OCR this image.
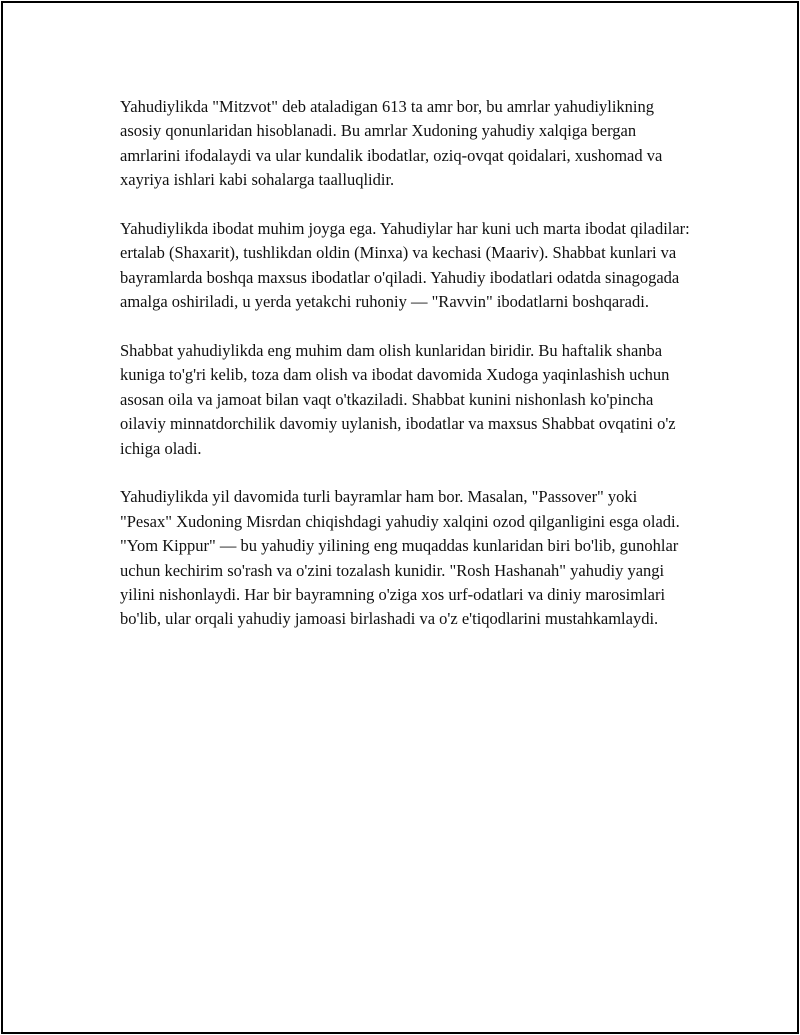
Yahudiylikda "Mitzvot" deb ataladigan 613 ta amr bor, bu amrlar yahudiylikning asosiy qonunlaridan hisoblanadi. Bu amrlar Xudoning yahudiy xalqiga bergan amrlarini ifodalaydi va ular kundalik ibodatlar, oziq-ovqat qoidalari, xushomad va xayriya ishlari kabi sohalarga taalluqlidir.

Yahudiylikda ibodat muhim joyga ega. Yahudiylar har kuni uch marta ibodat qiladilar: ertalab (Shaxarit), tushlikdan oldin (Minxa) va kechasi (Maariv). Shabbat kunlari va bayramlarda boshqa maxsus ibodatlar o'qiladi. Yahudiy ibodatlari odatda sinagogada amalga oshiriladi, u yerda yetakchi ruhoniy — "Ravvin" ibodatlarni boshqaradi.

Shabbat yahudiylikda eng muhim dam olish kunlaridan biridir. Bu haftalik shanba kuniga to'g'ri kelib, toza dam olish va ibodat davomida Xudoga yaqinlashish uchun asosan oila va jamoat bilan vaqt o'tkaziladi. Shabbat kunini nishonlash ko'pincha oilaviy minnatdorchilik davomiy uylanish, ibodatlar va maxsus Shabbat ovqatini o'z ichiga oladi.

Yahudiylikda yil davomida turli bayramlar ham bor. Masalan, "Passover" yoki "Pesax" Xudoning Misrdan chiqishdagi yahudiy xalqini ozod qilganligini esga oladi. "Yom Kippur" — bu yahudiy yilining eng muqaddas kunlaridan biri bo'lib, gunohlar uchun kechirim so'rash va o'zini tozalash kunidir. "Rosh Hashanah" yahudiy yangi yilini nishonlaydi. Har bir bayramning o'ziga xos urf-odatlari va diniy marosimlari bo'lib, ular orqali yahudiy jamoasi birlashadi va o'z e'tiqodlarini mustahkamlaydi.
